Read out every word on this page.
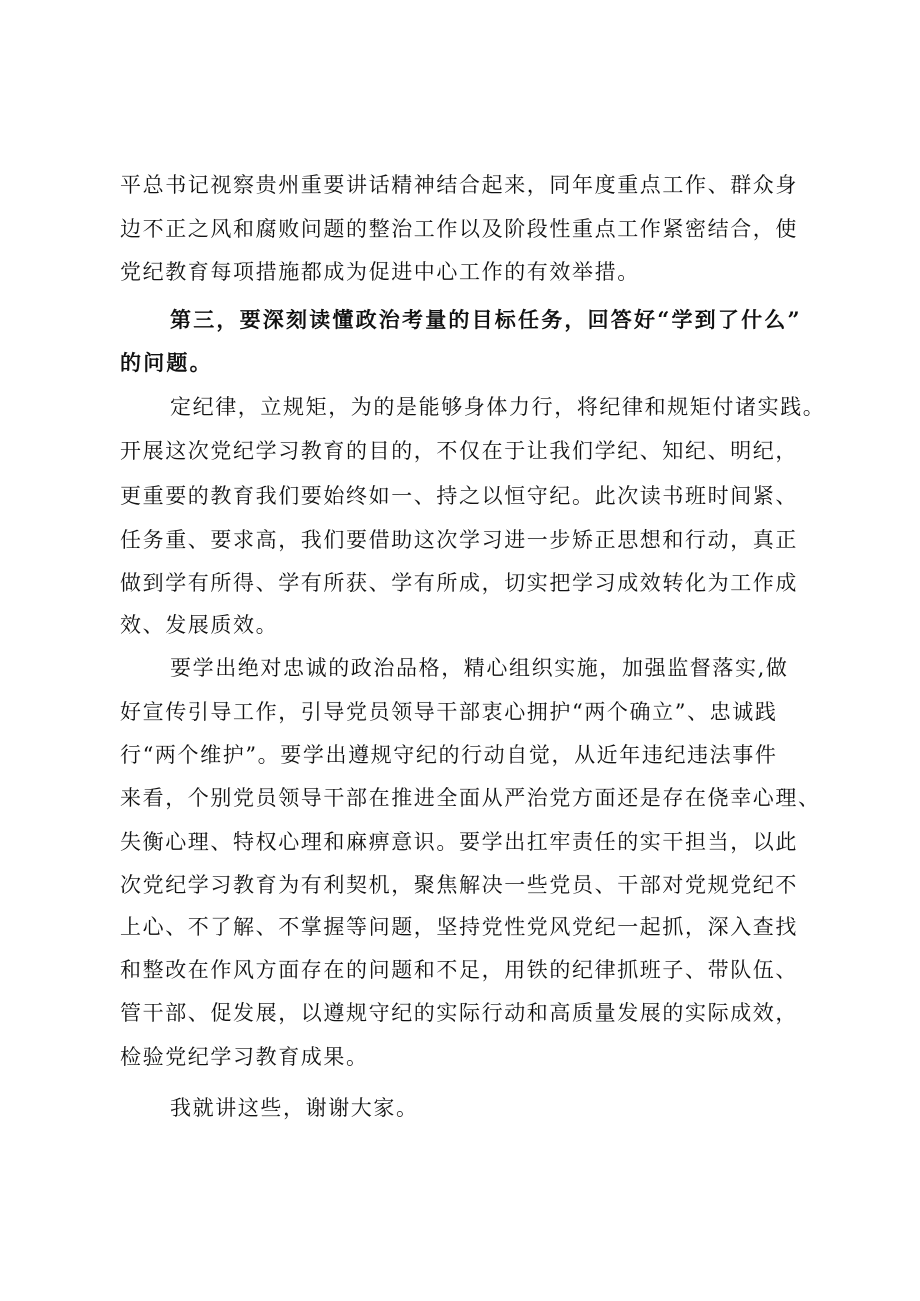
平总书记视察贵州重要讲话精神结合起来，同年度重点工作、群众身
边不正之风和腐败问题的整治工作以及阶段性重点工作紧密结合，使
党纪教育每项措施都成为促进中心工作的有效举措。
第三，要深刻读懂政治考量的目标任务，回答好“学到了什么”
的问题。
定纪律，立规矩，为的是能够身体力行，将纪律和规矩付诸实践。
开展这次党纪学习教育的目的，不仅在于让我们学纪、知纪、明纪，
更重要的教育我们要始终如一、持之以恒守纪。此次读书班时间紧、
任务重、要求高，我们要借助这次学习进一步矫正思想和行动，真正
做到学有所得、学有所获、学有所成，切实把学习成效转化为工作成
效、发展质效。
要学出绝对忠诚的政治品格，精心组织实施，加强监督落实,做
好宣传引导工作，引导党员领导干部衷心拥护“两个确立”、忠诚践
行“两个维护”。要学出遵规守纪的行动自觉，从近年违纪违法事件
来看，个别党员领导干部在推进全面从严治党方面还是存在侥幸心理、
失衡心理、特权心理和麻痹意识。要学出扛牢责任的实干担当，以此
次党纪学习教育为有利契机，聚焦解决一些党员、干部对党规党纪不
上心、不了解、不掌握等问题，坚持党性党风党纪一起抓，深入查找
和整改在作风方面存在的问题和不足，用铁的纪律抓班子、带队伍、
管干部、促发展，以遵规守纪的实际行动和高质量发展的实际成效，
检验党纪学习教育成果。
我就讲这些，谢谢大家。
